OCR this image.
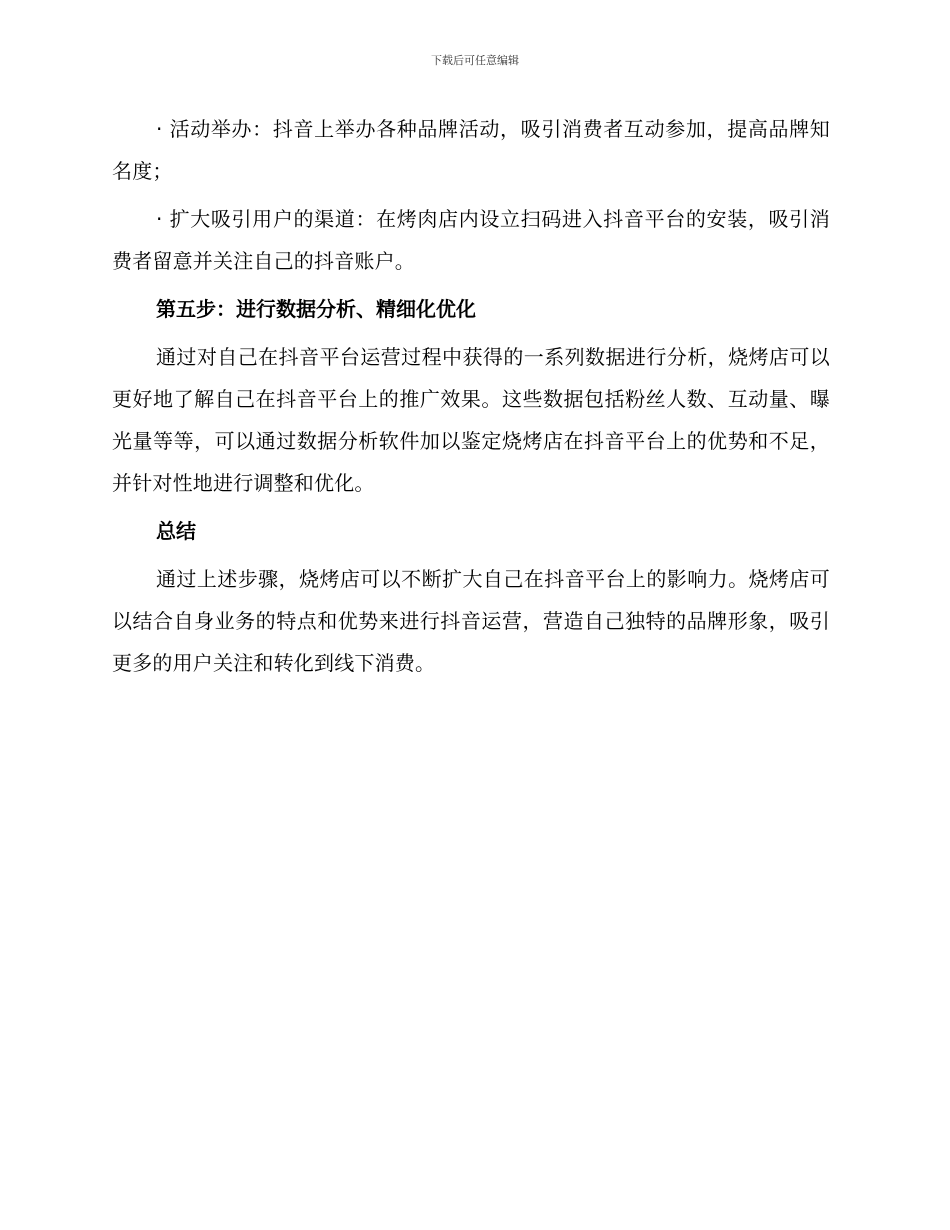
下载后可任意编辑

· 活动举办：抖音上举办各种品牌活动，吸引消费者互动参加，提高品牌知名度；

· 扩大吸引用户的渠道：在烤肉店内设立扫码进入抖音平台的安装，吸引消费者留意并关注自己的抖音账户。

第五步：进行数据分析、精细化优化

通过对自己在抖音平台运营过程中获得的一系列数据进行分析，烧烤店可以更好地了解自己在抖音平台上的推广效果。这些数据包括粉丝人数、互动量、曝光量等等，可以通过数据分析软件加以鉴定烧烤店在抖音平台上的优势和不足，并针对性地进行调整和优化。

总结

通过上述步骤，烧烤店可以不断扩大自己在抖音平台上的影响力。烧烤店可以结合自身业务的特点和优势来进行抖音运营，营造自己独特的品牌形象，吸引更多的用户关注和转化到线下消费。
